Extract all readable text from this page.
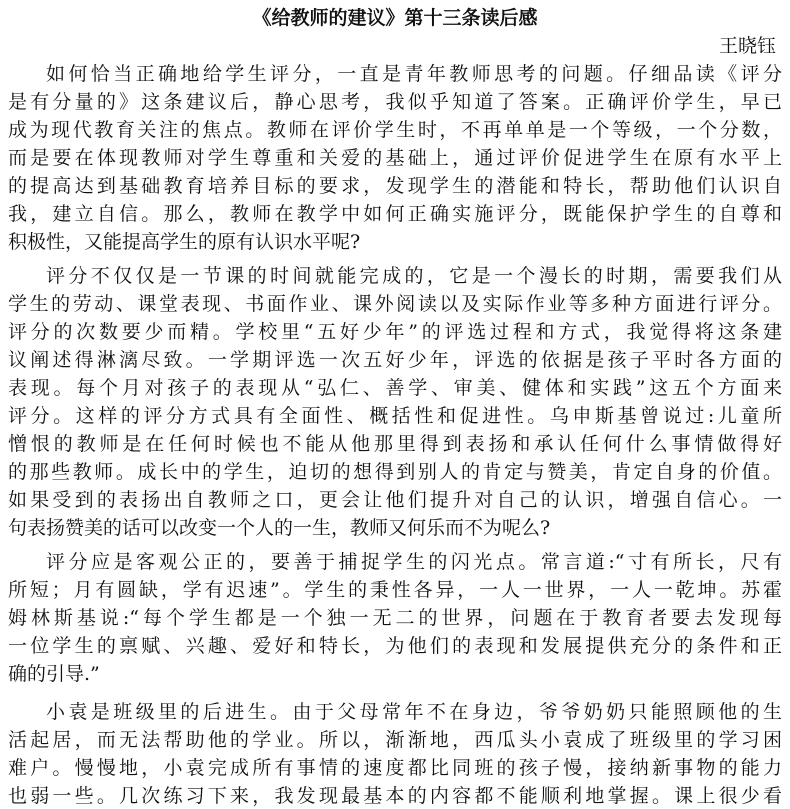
《给教师的建议》第十三条读后感
王晓钰
如何恰当正确地给学生评分，一直是青年教师思考的问题。仔细品读《评分
是有分量的》这条建议后，静心思考，我似乎知道了答案。正确评价学生，早已
成为现代教育关注的焦点。教师在评价学生时，不再单单是一个等级，一个分数，
而是要在体现教师对学生尊重和关爱的基础上，通过评价促进学生在原有水平上
的提高达到基础教育培养目标的要求，发现学生的潜能和特长，帮助他们认识自
我，建立自信。那么，教师在教学中如何正确实施评分，既能保护学生的自尊和
积极性，又能提高学生的原有认识水平呢?
评分不仅仅是一节课的时间就能完成的，它是一个漫长的时期，需要我们从
学生的劳动、课堂表现、书面作业、课外阅读以及实际作业等多种方面进行评分。
评分的次数要少而精。学校里“五好少年”的评选过程和方式，我觉得将这条建
议阐述得淋漓尽致。一学期评选一次五好少年，评选的依据是孩子平时各方面的
表现。每个月对孩子的表现从“弘仁、善学、审美、健体和实践”这五个方面来
评分。这样的评分方式具有全面性、概括性和促进性。乌申斯基曾说过:儿童所
憎恨的教师是在任何时候也不能从他那里得到表扬和承认任何什么事情做得好
的那些教师。成长中的学生，迫切的想得到别人的肯定与赞美，肯定自身的价值。
如果受到的表扬出自教师之口，更会让他们提升对自己的认识，增强自信心。一
句表扬赞美的话可以改变一个人的一生，教师又何乐而不为呢么?
评分应是客观公正的，要善于捕捉学生的闪光点。常言道:“寸有所长，尺有
所短；月有圆缺，学有迟速”。学生的秉性各异，一人一世界，一人一乾坤。苏霍
姆林斯基说:“每个学生都是一个独一无二的世界，问题在于教育者要去发现每
一位学生的禀赋、兴趣、爱好和特长，为他们的表现和发展提供充分的条件和正
确的引导.”
小袁是班级里的后进生。由于父母常年不在身边，爷爷奶奶只能照顾他的生
活起居，而无法帮助他的学业。所以，渐渐地，西瓜头小袁成了班级里的学习困
难户。慢慢地，小袁完成所有事情的速度都比同班的孩子慢，接纳新事物的能力
也弱一些。几次练习下来，我发现最基本的内容都不能顺利地掌握。课上很少看
